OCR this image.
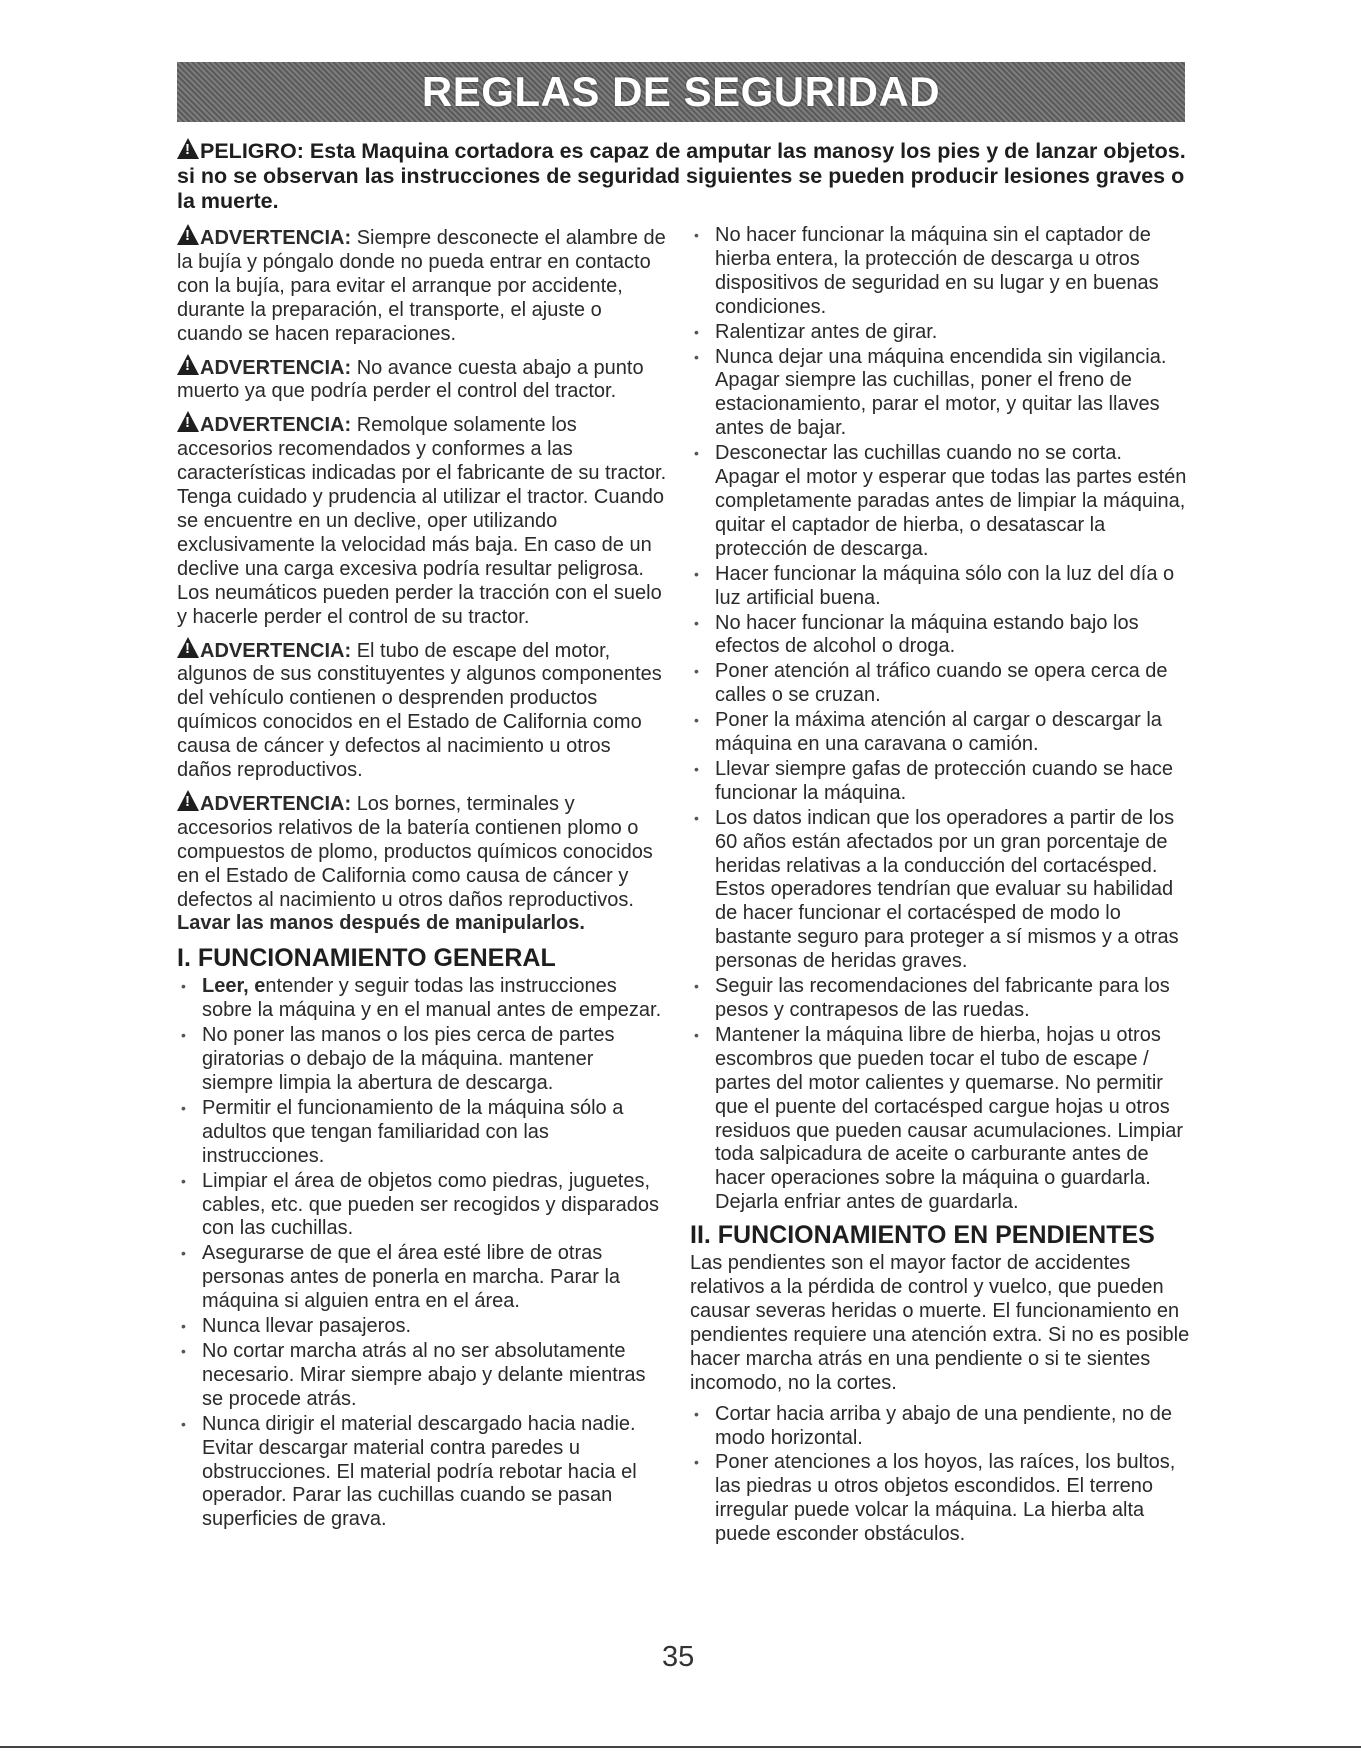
REGLAS DE SEGURIDAD
!PELIGRO: Esta Maquina cortadora es capaz de amputar las manosy los pies y de lanzar objetos. si no se observan las instrucciones de seguridad siguientes se pueden producir lesiones graves o la muerte.

!ADVERTENCIA: Siempre desconecte el alambre de la bujía y póngalo donde no pueda entrar en contacto con la bujía, para evitar el arranque por accidente, durante la preparación, el transporte, el ajuste o cuando se hacen reparaciones.

!ADVERTENCIA: No avance cuesta abajo a punto muerto ya que podría perder el control del tractor.

!ADVERTENCIA: Remolque solamente los accesorios recomendados y conformes a las características indicadas por el fabricante de su tractor. Tenga cuidado y prudencia al utilizar el tractor. Cuando se encuentre en un declive, oper utilizando exclusivamente la velocidad más baja. En caso de un declive una carga excesiva podría resultar peligrosa. Los neumáticos pueden perder la tracción con el suelo y hacerle perder el control de su tractor.

!ADVERTENCIA: El tubo de escape del motor, algunos de sus constituyentes y algunos componentes del vehículo contienen o desprenden productos químicos conocidos en el Estado de California como causa de cáncer y defectos al nacimiento u otros daños reproductivos.

!ADVERTENCIA: Los bornes, terminales y accesorios relativos de la batería contienen plomo o compuestos de plomo, productos químicos conocidos en el Estado de California como causa de cáncer y defectos al nacimiento u otros daños reproductivos. Lavar las manos después de manipularlos.

I. FUNCIONAMIENTO GENERAL
• Leer, entender y seguir todas las instrucciones sobre la máquina y en el manual antes de empezar.
• No poner las manos o los pies cerca de partes giratorias o debajo de la máquina. mantener siempre limpia la abertura de descarga.
• Permitir el funcionamiento de la máquina sólo a adultos que tengan familiaridad con las instrucciones.
• Limpiar el área de objetos como piedras, juguetes, cables, etc. que pueden ser recogidos y disparados con las cuchillas.
• Asegurarse de que el área esté libre de otras personas antes de ponerla en marcha. Parar la máquina si alguien entra en el área.
• Nunca llevar pasajeros.
• No cortar marcha atrás al no ser absolutamente necesario. Mirar siempre abajo y delante mientras se procede atrás.
• Nunca dirigir el material descargado hacia nadie. Evitar descargar material contra paredes u obstrucciones. El material podría rebotar hacia el operador. Parar las cuchillas cuando se pasan superficies de grava.
• No hacer funcionar la máquina sin el captador de hierba entera, la protección de descarga u otros dispositivos de seguridad en su lugar y en buenas condiciones.
• Ralentizar antes de girar.
• Nunca dejar una máquina encendida sin vigilancia. Apagar siempre las cuchillas, poner el freno de estacionamiento, parar el motor, y quitar las llaves antes de bajar.
• Desconectar las cuchillas cuando no se corta. Apagar el motor y esperar que todas las partes estén completamente paradas antes de limpiar la máquina, quitar el captador de hierba, o desatascar la protección de descarga.
• Hacer funcionar la máquina sólo con la luz del día o luz artificial buena.
• No hacer funcionar la máquina estando bajo los efectos de alcohol o droga.
• Poner atención al tráfico cuando se opera cerca de calles o se cruzan.
• Poner la máxima atención al cargar o descargar la máquina en una caravana o camión.
• Llevar siempre gafas de protección cuando se hace funcionar la máquina.
• Los datos indican que los operadores a partir de los 60 años están afectados por un gran porcentaje de heridas relativas a la conducción del cortacésped. Estos operadores tendrían que evaluar su habilidad de hacer funcionar el cortacésped de modo lo bastante seguro para proteger a sí mismos y a otras personas de heridas graves.
• Seguir las recomendaciones del fabricante para los pesos y contrapesos de las ruedas.
• Mantener la máquina libre de hierba, hojas u otros escombros que pueden tocar el tubo de escape / partes del motor calientes y quemarse. No permitir que el puente del cortacésped cargue hojas u otros residuos que pueden causar acumulaciones. Limpiar toda salpicadura de aceite o carburante antes de hacer operaciones sobre la máquina o guardarla. Dejarla enfriar antes de guardarla.
II. FUNCIONAMIENTO EN PENDIENTES

Las pendientes son el mayor factor de accidentes relativos a la pérdida de control y vuelco, que pueden causar severas heridas o muerte. El funcionamiento en pendientes requiere una atención extra. Si no es posible hacer marcha atrás en una pendiente o si te sientes incomodo, no la cortes.

• Cortar hacia arriba y abajo de una pendiente, no de modo horizontal.
• Poner atenciones a los hoyos, las raíces, los bultos, las piedras u otros objetos escondidos. El terreno irregular puede volcar la máquina. La hierba alta puede esconder obstáculos.
35
